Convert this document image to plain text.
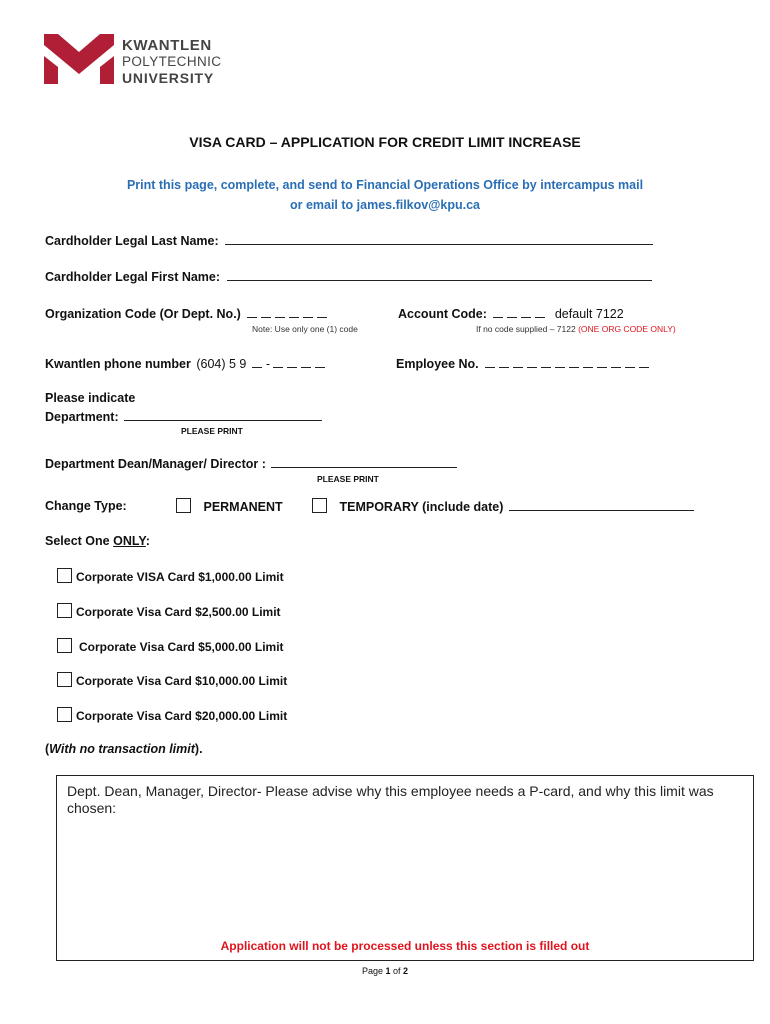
KWANTLEN
POLYTECHNIC
UNIVERSITY
VISA CARD – APPLICATION FOR CREDIT LIMIT INCREASE
Print this page, complete, and send to Financial Operations Office by intercampus mail
or email to james.filkov@kpu.ca
Cardholder Legal Last Name:
Cardholder Legal First Name:
Organization Code (Or Dept. No.)
Note: Use only one (1) code
Account Code:	default 7122
If no code supplied – 7122 (ONE ORG CODE ONLY)
Kwantlen phone number (604) 5 9 -	Employee No.
Please indicate
Department:
PLEASE PRINT
Department Dean/Manager/ Director :
PLEASE PRINT
Change Type:	PERMANENT	TEMPORARY (include date)
Select One ONLY:
Corporate VISA Card $1,000.00 Limit
Corporate Visa Card $2,500.00 Limit
Corporate Visa Card $5,000.00 Limit
Corporate Visa Card $10,000.00 Limit
Corporate Visa Card $20,000.00 Limit
(With no transaction limit).
Dept. Dean, Manager, Director- Please advise why this employee needs a P-card, and why this limit was chosen:
Application will not be processed unless this section is filled out
Page 1 of 2
